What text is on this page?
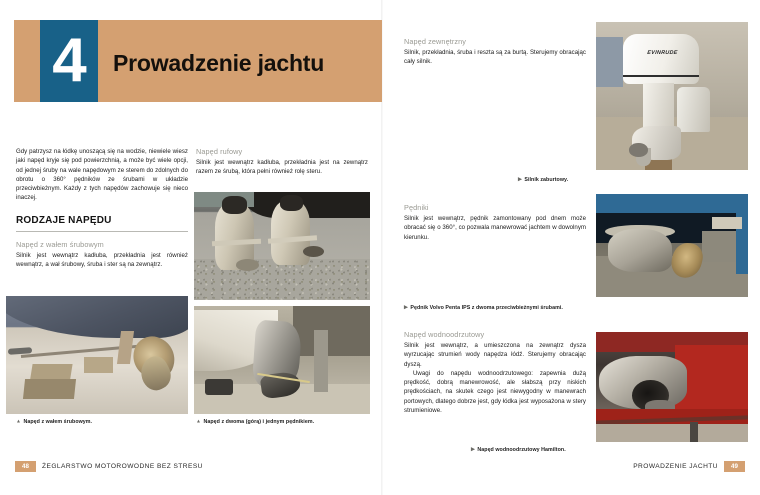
4	Prowadzenie jachtu

Gdy patrzysz na łódkę unoszącą się na wodzie, niewiele wiesz jaki napęd kryje się pod powierzchnią, a może być wiele opcji, od jednej śruby na wale napędowym ze sterem do zdolnych do obrotu o 360° pędników ze śrubami w układzie przeciwbieżnym. Każdy z tych napędów zachowuje się nieco inaczej.

RODZAJE NAPĘDU
Napęd z wałem śrubowym

Silnik jest wewnątrz kadłuba, przekładnia jest również wewnątrz, a wał śrubowy, śruba i ster są na zewnątrz.

▲ Napęd z wałem śrubowym.
Napęd rufowy

Silnik jest wewnątrz kadłuba, przekładnia jest na zewnątrz razem ze śrubą, która pełni również rolę steru.

▲ Napęd z dwoma (górą) i jednym pędnikiem.
Napęd zewnętrzny

Silnik, przekładnia, śruba i reszta są za burtą. Sterujemy obracając cały silnik.

EVINRUDE
▶ Silnik zaburtowy.
Pędniki

Silnik jest wewnątrz, pędnik zamontowany pod dnem może obracać się o 360°, co pozwala manewrować jachtem w dowolnym kierunku.

▶ Pędnik Volvo Penta IPS z dwoma przeciwbieżnymi śrubami.
Napęd wodnoodrzutowy

Silnik jest wewnątrz, a umieszczona na zewnątrz dysza wyrzucając strumień wody napędza łódź. Sterujemy obracając dyszą.

Uwagi do napędu wodnoodrzutowego: zapewnia dużą prędkość, dobrą manewrowość, ale słabszą przy niskich prędkościach, na skutek czego jest niewygodny w manewrach portowych, dlatego dobrze jest, gdy łódka jest wyposażona w stery strumieniowe.

▶ Napęd wodnoodrzutowy Hamilton.
48	ŻEGLARSTWO MOTOROWODNE BEZ STRESU	PROWADZENIE JACHTU	49
